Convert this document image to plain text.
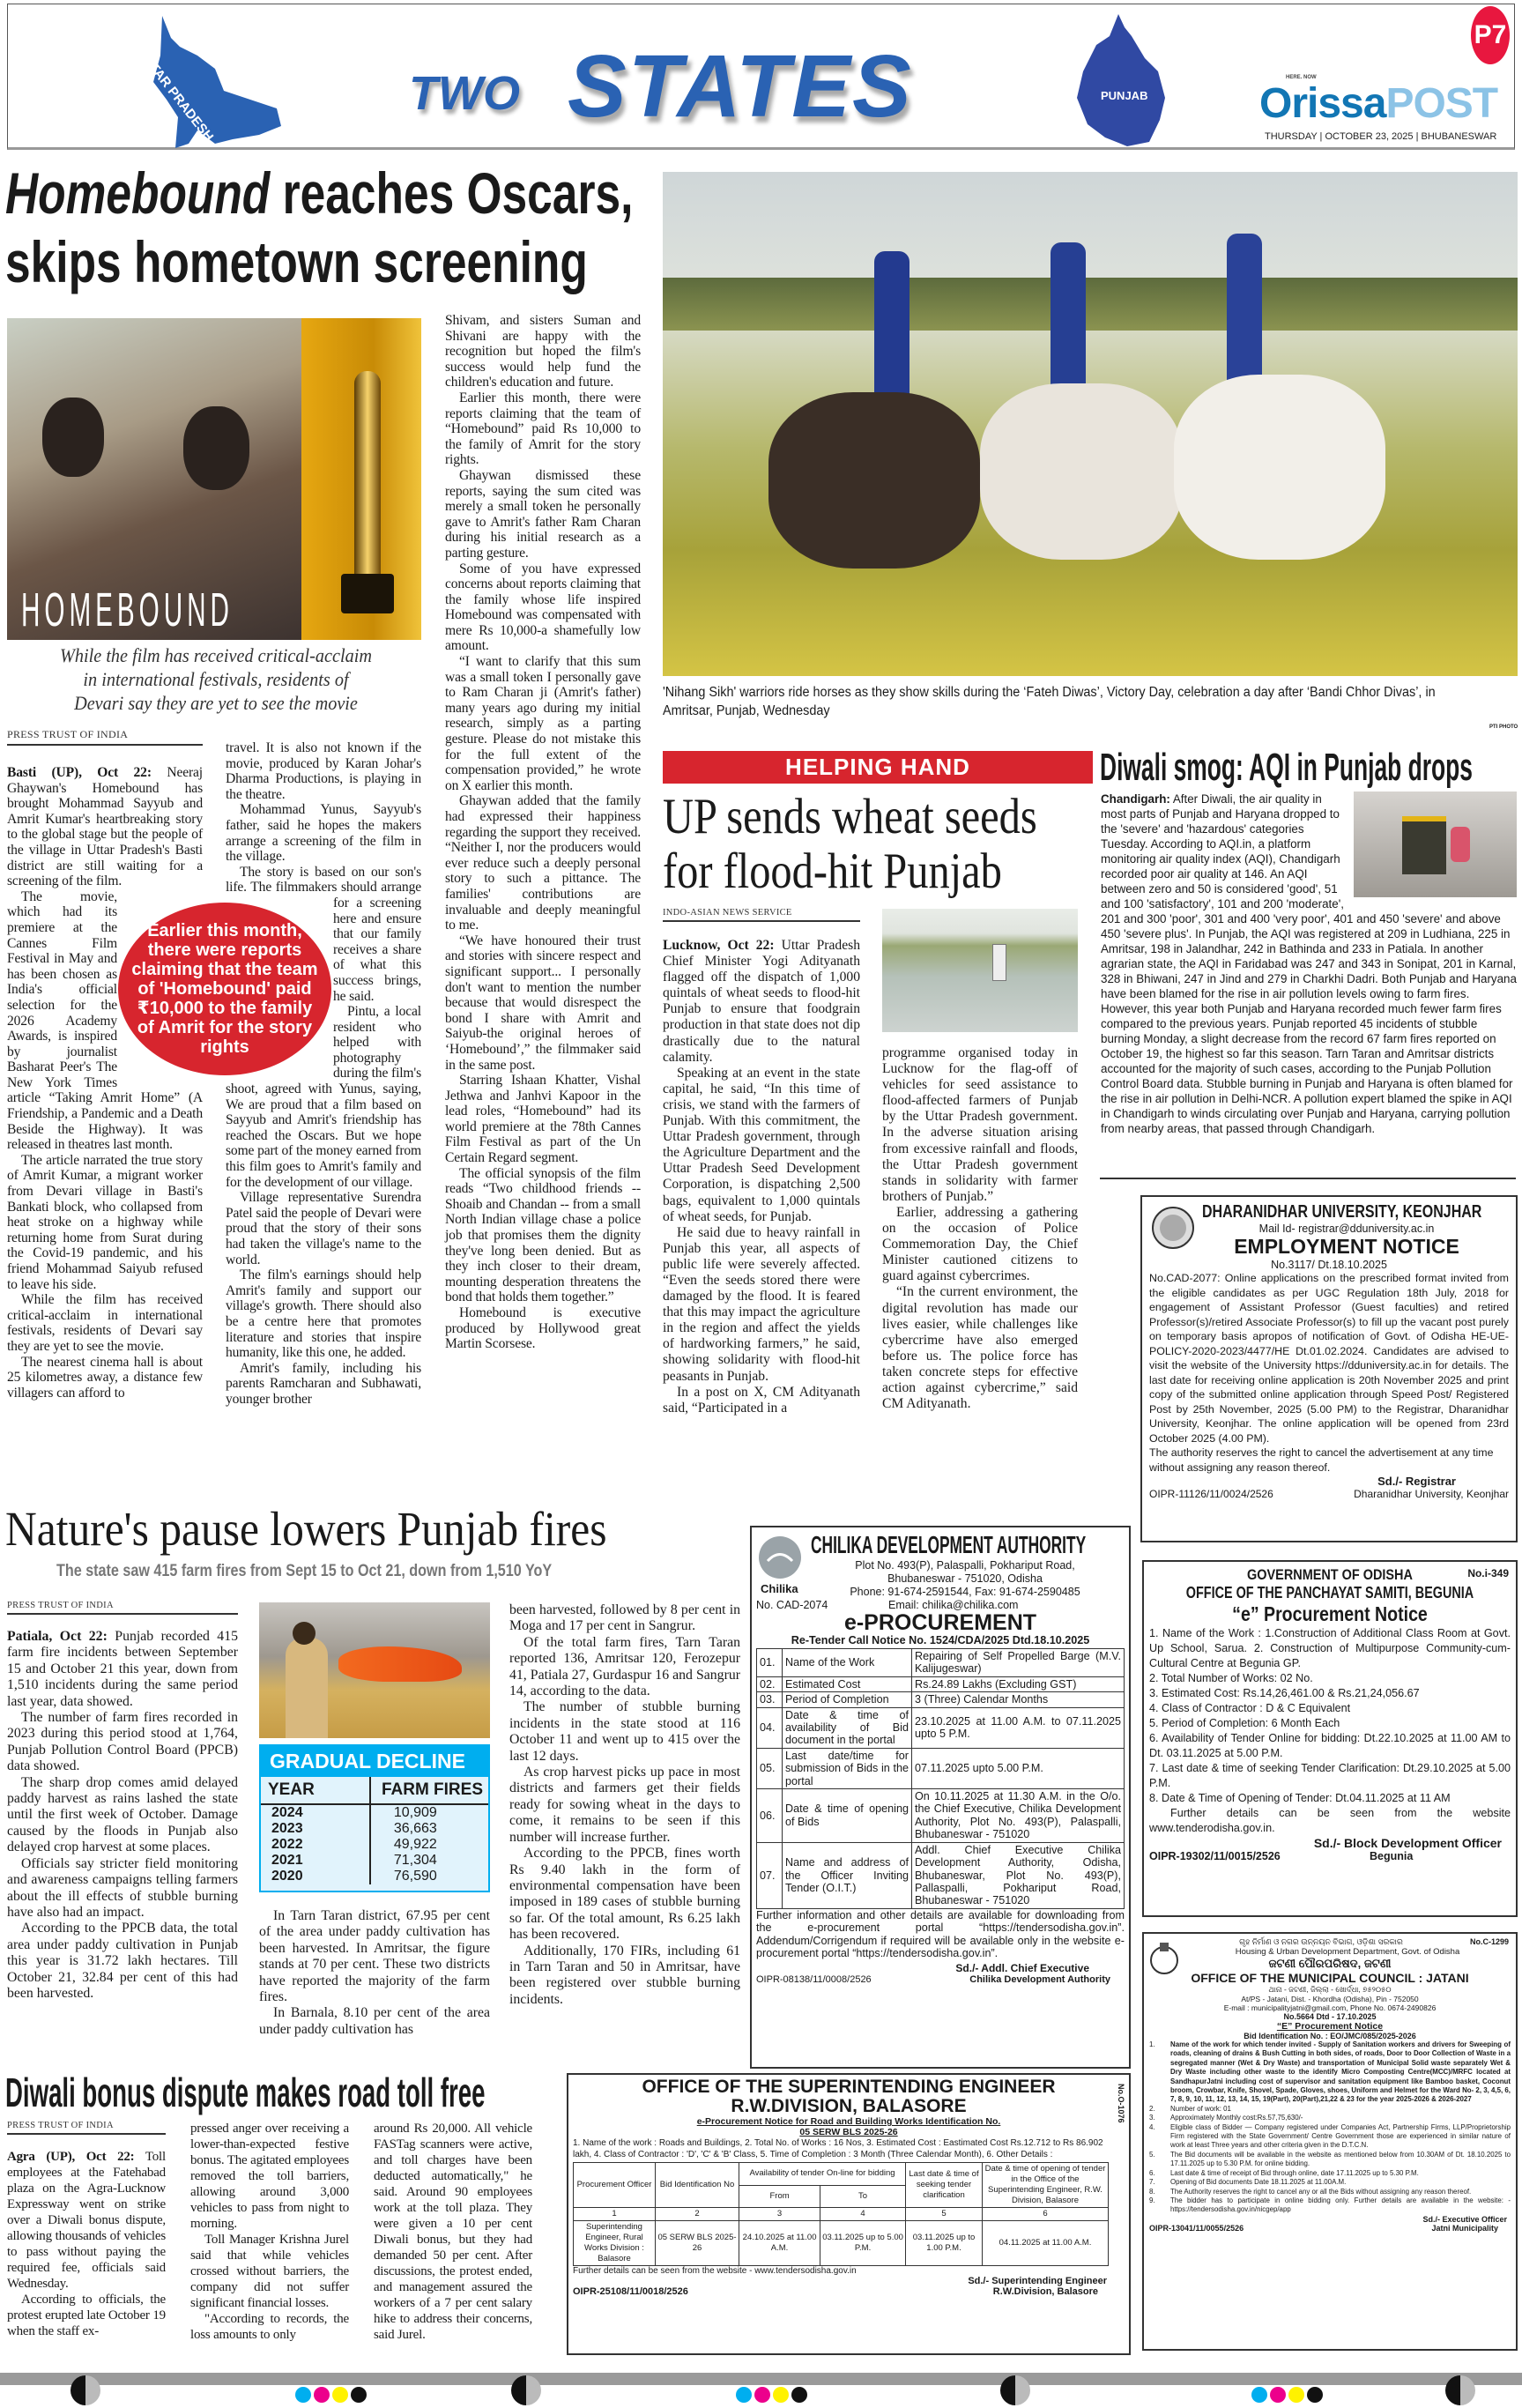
UTTAR PRADESH	TWO STATES	PUNJAB
P7
HERE. NOW
OrissaPOST
THURSDAY | OCTOBER 23, 2025 | BHUBANESWAR
Homebound reaches Oscars,
skips hometown screening
HOMEBOUND
While the film has received critical-acclaim in international festivals, residents of Devari say they are yet to see the movie
PRESS TRUST OF INDIA

Basti (UP), Oct 22: Neeraj Ghaywan's Homebound has brought Mohammad Sayyub and Amrit Kumar's heartbreaking story to the global stage but the people of the village in Uttar Pradesh's Basti district are still waiting for a screening of the film.

The movie, which had its premiere at the Cannes Film Festival in May and has been chosen as India's official selection for the 2026 Academy Awards, is inspired by journalist Basharat Peer's The New York Times article “Taking Amrit Home” (A Friendship, a Pandemic and a Death Beside the Highway). It was released in theatres last month.

The article narrated the true story of Amrit Kumar, a migrant worker from Devari village in Basti's Bankati block, who collapsed from heat stroke on a highway while returning home from Surat during the Covid-19 pandemic, and his friend Mohammad Saiyub refused to leave his side.

While the film has received critical-acclaim in international festivals, residents of Devari say they are yet to see the movie.

The nearest cinema hall is about 25 kilometres away, a distance few villagers can afford to

travel. It is also not known if the movie, produced by Karan Johar's Dharma Productions, is playing in the theatre.

Mohammad Yunus, Sayyub's father, said he hopes the makers arrange a screening of the film in the village.

The story is based on our son's life. The filmmakers should arrange for a screening here and ensure that our family receives a share of what this success brings, he said.

Pintu, a local resident who helped with photography during the film's shoot, agreed with Yunus, saying, We are proud that a film based on Sayyub and Amrit's friendship has reached the Oscars. But we hope some part of the money earned from this film goes to Amrit's family and for the development of our village.

Village representative Surendra Patel said the people of Devari were proud that the story of their sons had taken the village's name to the world.

The film's earnings should help Amrit's family and support our village's growth. There should also be a centre here that promotes literature and stories that inspire humanity, like this one, he added.

Amrit's family, including his parents Ramcharan and Subhawati, younger brother

Shivam, and sisters Suman and Shivani are happy with the recognition but hoped the film's success would help fund the children's education and future.

Earlier this month, there were reports claiming that the team of “Homebound” paid Rs 10,000 to the family of Amrit for the story rights.

Ghaywan dismissed these reports, saying the sum cited was merely a small token he personally gave to Amrit's father Ram Charan during his initial research as a parting gesture.

Some of you have expressed concerns about reports claiming that the family whose life inspired Homebound was compensated with mere Rs 10,000-a shamefully low amount.

“I want to clarify that this sum was a small token I personally gave to Ram Charan ji (Amrit's father) many years ago during my initial research, simply as a parting gesture. Please do not mistake this for the full extent of the compensation provided,” he wrote on X earlier this month.

Ghaywan added that the family had expressed their happiness regarding the support they received. “Neither I, nor the producers would ever reduce such a deeply personal story to such a pittance. The families' contributions are invaluable and deeply meaningful to me.

“We have honoured their trust and stories with sincere respect and significant support... I personally don't want to mention the number because that would disrespect the bond I share with Amrit and Saiyub-the original heroes of ‘Homebound’,” the filmmaker said in the same post.

Starring Ishaan Khatter, Vishal Jethwa and Janhvi Kapoor in the lead roles, “Homebound” had its world premiere at the 78th Cannes Film Festival as part of the Un Certain Regard segment.

The official synopsis of the film reads “Two childhood friends -- Shoaib and Chandan -- from a small North Indian village chase a police job that promises them the dignity they've long been denied. But as they inch closer to their dream, mounting desperation threatens the bond that holds them together.”

Homebound is executive produced by Hollywood great Martin Scorsese.

Earlier this month, there were reports claiming that the team of 'Homebound' paid ₹10,000 to the family of Amrit for the story rights
'Nihang Sikh' warriors ride horses as they show skills during the ‘Fateh Diwas’, Victory Day, celebration a day after ‘Bandi Chhor Divas’, in Amritsar, Punjab, Wednesday
PTI PHOTO
HELPING HAND
UP sends wheat seeds for flood-hit Punjab
INDO-ASIAN NEWS SERVICE

Lucknow, Oct 22: Uttar Pradesh Chief Minister Yogi Adityanath flagged off the dispatch of 1,000 quintals of wheat seeds to flood-hit Punjab to ensure that foodgrain production in that state does not dip drastically due to the natural calamity.

Speaking at an event in the state capital, he said, “In this time of crisis, we stand with the farmers of Punjab. With this commitment, the Uttar Pradesh government, through the Agriculture Department and the Uttar Pradesh Seed Development Corporation, is dispatching 2,500 bags, equivalent to 1,000 quintals of wheat seeds, for Punjab.

He said due to heavy rainfall in Punjab this year, all aspects of public life were severely affected. “Even the seeds stored there were damaged by the flood. It is feared that this may impact the agriculture in the region and affect the yields of hardworking farmers,” he said, showing solidarity with flood-hit peasants in Punjab.

In a post on X, CM Adityanath said, “Participated in a

programme organised today in Lucknow for the flag-off of vehicles for seed assistance to flood-affected farmers of Punjab by the Uttar Pradesh government. In the adverse situation arising from excessive rainfall and floods, the Uttar Pradesh government stands in solidarity with farmer brothers of Punjab.”

Earlier, addressing a gathering on the occasion of Police Commemoration Day, the Chief Minister cautioned citizens to guard against cybercrimes.

“In the current environment, the digital revolution has made our lives easier, while challenges like cybercrime have also emerged before us. The police force has taken concrete steps for effective action against cybercrime,” said CM Adityanath.

Diwali smog: AQI in Punjab drops
Chandigarh: After Diwali, the air quality in most parts of Punjab and Haryana dropped to the 'severe' and 'hazardous' categories Tuesday. According to AQI.in, a platform monitoring air quality index (AQI), Chandigarh recorded poor air quality at 146. An AQI between zero and 50 is considered 'good', 51 and 100 'satisfactory', 101 and 200 'moderate', 201 and 300 'poor', 301 and 400 'very poor', 401 and 450 'severe' and above 450 'severe plus'. In Punjab, the AQI was registered at 209 in Ludhiana, 225 in Amritsar, 198 in Jalandhar, 242 in Bathinda and 233 in Patiala. In another agrarian state, the AQI in Faridabad was 247 and 343 in Sonipat, 201 in Karnal, 328 in Bhiwani, 247 in Jind and 279 in Charkhi Dadri. Both Punjab and Haryana have been blamed for the rise in air pollution levels owing to farm fires. However, this year both Punjab and Haryana recorded much fewer farm fires compared to the previous years. Punjab reported 45 incidents of stubble burning Monday, a slight decrease from the record 67 farm fires reported on October 19, the highest so far this season. Tarn Taran and Amritsar districts accounted for the majority of such cases, according to the Punjab Pollution Control Board data. Stubble burning in Punjab and Haryana is often blamed for the rise in air pollution in Delhi-NCR. A pollution expert blamed the spike in AQI in Chandigarh to winds circulating over Punjab and Haryana, carrying pollution from nearby areas, that passed through Chandigarh.
DHARANIDHAR UNIVERSITY, KEONJHAR
Mail Id- registrar@dduniversity.ac.in
EMPLOYMENT NOTICE
No.3117/ Dt.18.10.2025
No.CAD-2077: Online applications on the prescribed format invited from the eligible candidates as per UGC Regulation 18th July, 2018 for engagement of Assistant Professor (Guest faculties) and retired Professor(s)/retired Associate Professor(s) to fill up the vacant post purely on temporary basis apropos of notification of Govt. of Odisha HE-UE-POLICY-2020-2023/4477/HE Dt.01.02.2024. Candidates are advised to visit the website of the University https://dduniversity.ac.in for details. The last date for receiving online application is 20th November 2025 and print copy of the submitted online application through Speed Post/ Registered Post by 25th November, 2025 (5.00 PM) to the Registrar, Dharanidhar University, Keonjhar. The online application will be opened from 23rd October 2025 (4.00 PM).
The authority reserves the right to cancel the advertisement at any time without assigning any reason thereof.
Sd./- Registrar
OIPR-11126/11/0024/2526	Dharanidhar University, Keonjhar
Nature's pause lowers Punjab fires
The state saw 415 farm fires from Sept 15 to Oct 21, down from 1,510 YoY
PRESS TRUST OF INDIA

Patiala, Oct 22: Punjab recorded 415 farm fire incidents between September 15 and October 21 this year, down from 1,510 incidents during the same period last year, data showed.

The number of farm fires recorded in 2023 during this period stood at 1,764, Punjab Pollution Control Board (PPCB) data showed.

The sharp drop comes amid delayed paddy harvest as rains lashed the state until the first week of October. Damage caused by the floods in Punjab also delayed crop harvest at some places.

Officials say stricter field monitoring and awareness campaigns telling farmers about the ill effects of stubble burning have also had an impact.

According to the PPCB data, the total area under paddy cultivation in Punjab this year is 31.72 lakh hectares. Till October 21, 32.84 per cent of this had been harvested.

GRADUAL DECLINE
YEAR	FARM FIRES
2024	10,909
2023	36,663
2022	49,922
2021	71,304
2020	76,590

In Tarn Taran district, 67.95 per cent of the area under paddy cultivation has been harvested. In Amritsar, the figure stands at 70 per cent. These two districts have reported the majority of the farm fires.

In Barnala, 8.10 per cent of the area under paddy cultivation has

been harvested, followed by 8 per cent in Moga and 17 per cent in Sangrur.

Of the total farm fires, Tarn Taran reported 136, Amritsar 120, Ferozepur 41, Patiala 27, Gurdaspur 16 and Sangrur 14, according to the data.

The number of stubble burning incidents in the state stood at 116 October 11 and went up to 415 over the last 12 days.

As crop harvest picks up pace in most districts and farmers get their fields ready for sowing wheat in the days to come, it remains to be seen if this number will increase further.

According to the PPCB, fines worth Rs 9.40 lakh in the form of environmental compensation have been imposed in 189 cases of stubble burning so far. Of the total amount, Rs 6.25 lakh has been recovered.

Additionally, 170 FIRs, including 61 in Tarn Taran and 50 in Amritsar, have been registered over stubble burning incidents.

Chilika
CHILIKA DEVELOPMENT AUTHORITY
Plot No. 493(P), Palaspalli, Pokhariput Road,
Bhubaneswar - 751020, Odisha
Phone: 91-674-2591544, Fax: 91-674-2590485
No. CAD-2074	Email: chilika@chilika.com
e-PROCUREMENT
Re-Tender Call Notice No. 1524/CDA/2025 Dtd.18.10.2025
01.	Name of the Work	Repairing of Self Propelled Barge (M.V. Kalijugeswar)
02.	Estimated Cost	Rs.24.89 Lakhs (Excluding GST)
03.	Period of Completion	3 (Three) Calendar Months
04.	Date & time of availability of Bid document in the portal	23.10.2025 at 11.00 A.M. to 07.11.2025 upto 5 P.M.
05.	Last date/time for submission of Bids in the portal	07.11.2025 upto 5.00 P.M.
06.	Date & time of opening of Bids	On 10.11.2025 at 11.30 A.M. in the O/o. the Chief Executive, Chilika Development Authority, Plot No. 493(P), Palaspalli, Bhubaneswar - 751020
07.	Name and address of the Officer Inviting Tender (O.I.T.)	Addl. Chief Executive Chilika Development Authority, Odisha, Bhubaneswar, Plot No. 493(P), Pallaspalli, Pokhariput Road, Bhubaneswar - 751020
Further information and other details are available for downloading from the e-procurement portal “https://tendersodisha.gov.in”. Addendum/Corrigendum if required will be available only in the website e-procurement portal “https://tendersodisha.gov.in”.
Sd./- Addl. Chief Executive
OIPR-08138/11/0008/2526	Chilika Development Authority
No.i-349
GOVERNMENT OF ODISHA
OFFICE OF THE PANCHAYAT SAMITI, BEGUNIA
“e” Procurement Notice
1. Name of the Work : 1.Construction of Additional Class Room at Govt. Up School, Sarua. 2. Construction of Multipurpose Community-cum-Cultural Centre at Begunia GP.
2. Total Number of Works: 02 No.
3. Estimated Cost: Rs.14,26,461.00 & Rs.21,24,056.67
4. Class of Contractor : D & C Equivalent
5. Period of Completion: 6 Month Each
6. Availability of Tender Online for bidding: Dt.22.10.2025 at 11.00 AM to Dt. 03.11.2025 at 5.00 P.M.
7. Last date & time of seeking Tender Clarification: Dt.29.10.2025 at 5.00 P.M.
8. Date & Time of Opening of Tender: Dt.04.11.2025 at 11 AM
Further details can be seen from the website www.tenderodisha.gov.in.
Sd./- Block Development Officer
OIPR-19302/11/0015/2526	Begunia
No.C-1299
ଗୃହ ନିର୍ମାଣ ଓ ନଗର ଉନ୍ନୟନ ବିଭାଗ, ଓଡ଼ିଶା ସରକାର
Housing & Urban Development Department, Govt. of Odisha
ଜଟଣୀ ପୌରପରିଷଦ, ଜଟଣୀ
OFFICE OF THE MUNICIPAL COUNCIL : JATANI
ଥାନା - ଜଟଣୀ, ଜିଲ୍ଲା - ଖୋର୍ଦ୍ଧା, ୭୫୨୦୫୦
At/PS - Jatani, Dist. - Khordha (Odisha), Pin - 752050
E-mail : municipalityjatni@gmail.com, Phone No. 0674-2490826
No.5664 Dtd - 17.10.2025
“E” Procurement Notice
Bid Identification No. : EO/JMC/085/2025-2026
1.	Name of the work for which tender invited - Supply of Sanitation workers and drivers for Sweeping of roads, cleaning of drains & Bush Cutting in both sides, of roads, Door to Door Collection of Waste in a segregated manner (Wet & Dry Waste) and transportation of Municipal Solid waste separately Wet & Dry Waste including other waste to the identify Micro Composting Centre(MCC)/MRFC located at SandhapurJatni including cost of supervisor and sanitation equipment like Bamboo basket, Coconut broom, Crowbar, Knife, Shovel, Spade, Gloves, shoes, Uniform and Helmet for the Ward No- 2, 3, 4,5, 6, 7, 8, 9, 10, 11, 12, 13, 14, 15, 19(Part), 20(Part),21,22 & 23 for the year 2025-2026 & 2026-2027
2.	Number of work: 01
3.	Approximately Monthly cost:Rs.57,75,630/-
4.	Eligible class of Bidder — Company registered under Companies Act, Partnership Firms, LLP/Proprietorship Firm registered with the State Government/ Centre Government those are experienced in similar nature of work at least Three years and other criteria given in the D.T.C.N.
5.	The Bid documents will be available in the website as mentioned below from 10.30AM of Dt. 18.10.2025 to 17.11.2025 up to 5.30 P.M. for online bidding.
6.	Last date & time of receipt of Bid through online, date 17.11.2025 up to 5.30 P.M.
7.	Opening of Bid documents Date 18.11.2025 at 11.00A.M.
8.	The Authority reserves the right to cancel any or all the Bids without assigning any reason thereof.
9.	The bidder has to participate in online bidding only. Further details are available in the website: - https://tendersodisha.gov.in/nicgep/app
Sd./- Executive Officer
OIPR-13041/11/0055/2526	Jatni Municipality
Diwali bonus dispute makes road toll free
PRESS TRUST OF INDIA

Agra (UP), Oct 22: Toll employees at the Fatehabad plaza on the Agra-Lucknow Expressway went on strike over a Diwali bonus dispute, allowing thousands of vehicles to pass without paying the required fee, officials said Wednesday.

According to officials, the protest erupted late October 19 when the staff ex-

pressed anger over receiving a lower-than-expected festive bonus. The agitated employees removed the toll barriers, allowing around 3,000 vehicles to pass from night to morning.

Toll Manager Krishna Jurel said that while vehicles crossed without barriers, the company did not suffer significant financial losses.

"According to records, the loss amounts to only

around Rs 20,000. All vehicle FASTag scanners were active, and toll charges have been deducted automatically," he said. Around 90 employees work at the toll plaza. They were given a 10 per cent Diwali bonus, but they had demanded 50 per cent. After discussions, the protest ended, and management assured the workers of a 7 per cent salary hike to address their concerns, said Jurel.

No.O-1076
OFFICE OF THE SUPERINTENDING ENGINEER
R.W.DIVISION, BALASORE
e-Procurement Notice for Road and Building Works Identification No.
05 SERW BLS 2025-26
1. Name of the work : Roads and Buildings, 2. Total No. of Works : 16 Nos, 3. Estimated Cost : Eastimated Cost Rs.12.712 to Rs 86.902 lakh, 4. Class of Contractor : 'D', 'C' & 'B' Class, 5. Time of Completion : 3 Month (Three Calendar Month), 6. Other Details :
Procurement Officer	Bid Identification No	Availability of tender On-line for bidding		Last date & time of seeking tender clarification	Date & time of opening of tender in the Office of the Superintending Engineer, R.W. Division, Balasore
		From	To		
1	2	3	4	5	6
Superintending Engineer, Rural Works Division : Balasore	05 SERW BLS 2025-26	24.10.2025 at 11.00 A.M.	03.11.2025 up to 5.00 P.M.	03.11.2025 up to 1.00 P.M.	04.11.2025 at 11.00 A.M.
Further details can be seen from the website - www.tendersodisha.gov.in
Sd./- Superintending Engineer
OIPR-25108/11/0018/2526	R.W.Division, Balasore
